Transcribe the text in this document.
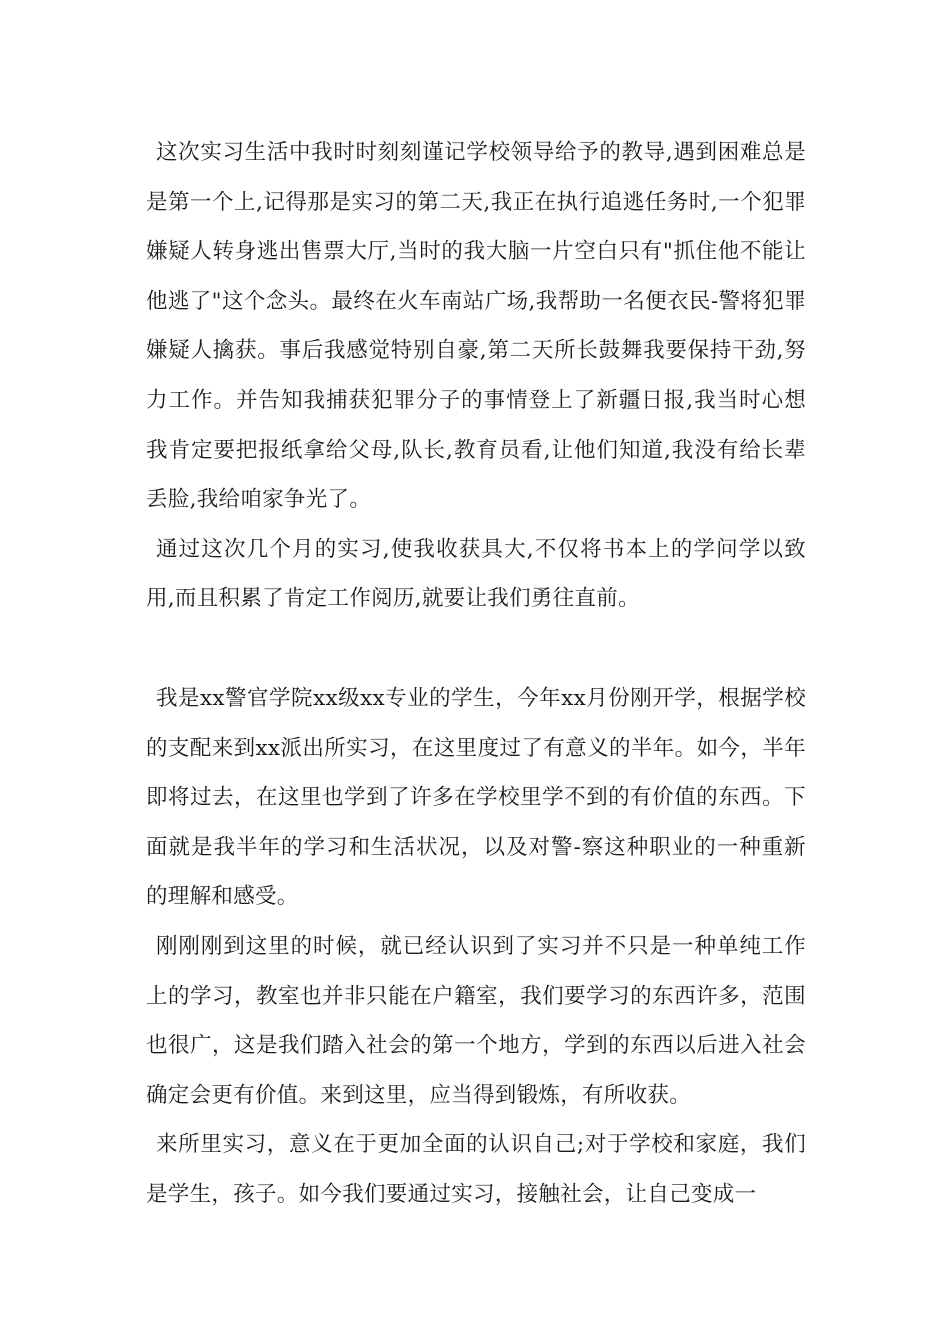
这次实习生活中我时时刻刻谨记学校领导给予的教导,遇到困难总是是第一个上,记得那是实习的第二天,我正在执行追逃任务时,一个犯罪嫌疑人转身逃出售票大厅,当时的我大脑一片空白只有"抓住他不能让他逃了"这个念头。最终在火车南站广场,我帮助一名便衣民-警将犯罪嫌疑人擒获。事后我感觉特别自豪,第二天所长鼓舞我要保持干劲,努力工作。并告知我捕获犯罪分子的事情登上了新疆日报,我当时心想我肯定要把报纸拿给父母,队长,教育员看,让他们知道,我没有给长辈丢脸,我给咱家争光了。

通过这次几个月的实习,使我收获具大,不仅将书本上的学问学以致用,而且积累了肯定工作阅历,就要让我们勇往直前。

我是xx警官学院xx级xx专业的学生，今年xx月份刚开学，根据学校的支配来到xx派出所实习，在这里度过了有意义的半年。如今，半年即将过去，在这里也学到了许多在学校里学不到的有价值的东西。下面就是我半年的学习和生活状况，以及对警-察这种职业的一种重新的理解和感受。

刚刚刚到这里的时候，就已经认识到了实习并不只是一种单纯工作上的学习，教室也并非只能在户籍室，我们要学习的东西许多，范围也很广，这是我们踏入社会的第一个地方，学到的东西以后进入社会确定会更有价值。来到这里，应当得到锻炼，有所收获。

来所里实习，意义在于更加全面的认识自己;对于学校和家庭，我们是学生，孩子。如今我们要通过实习，接触社会，让自己变成一
